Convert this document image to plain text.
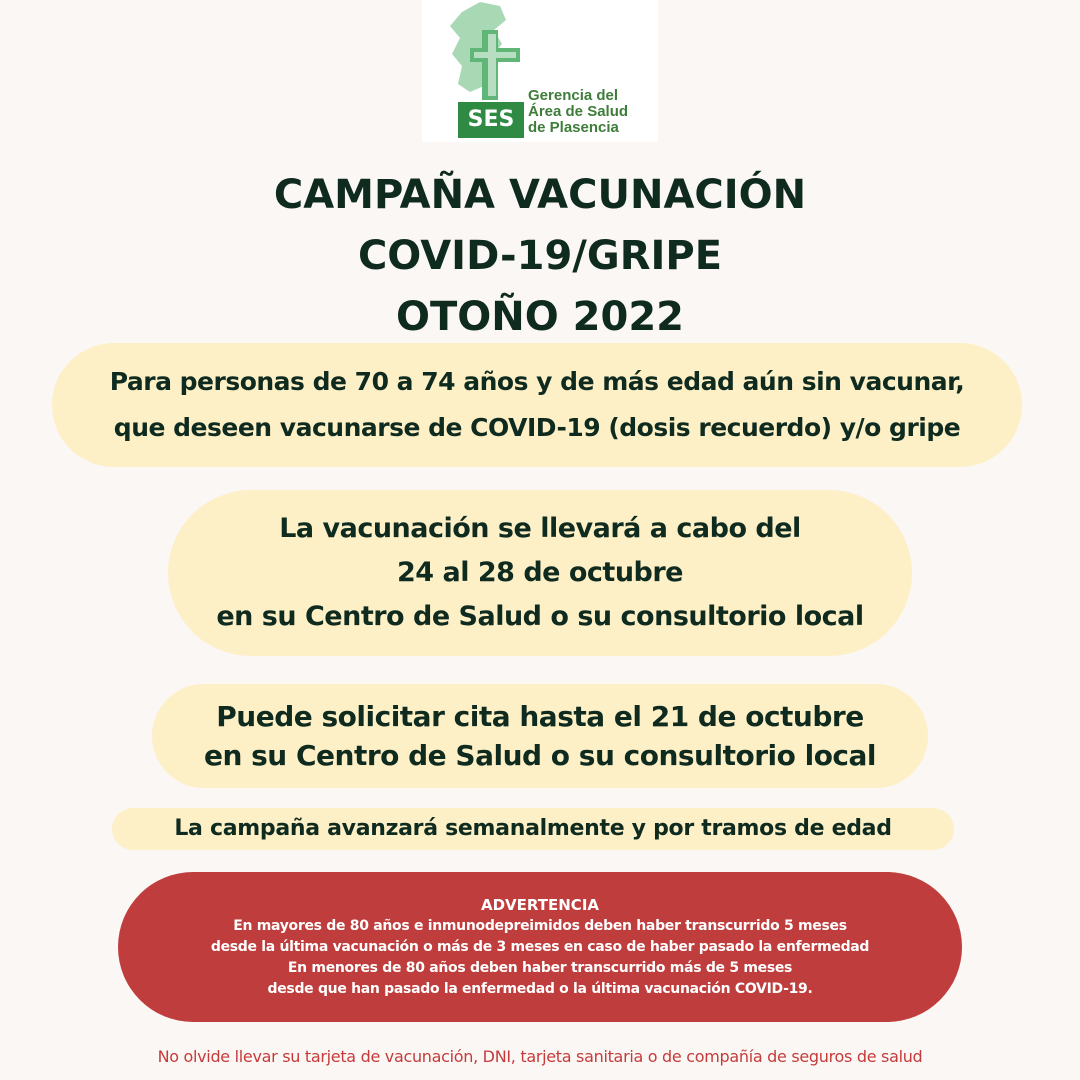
SES
Gerencia del
Área de Salud
de Plasencia
CAMPAÑA VACUNACIÓN
COVID-19/GRIPE
OTOÑO 2022
Para personas de 70 a 74 años y de más edad aún sin vacunar,
que deseen vacunarse de COVID-19 (dosis recuerdo) y/o gripe
La vacunación se llevará a cabo del
24 al 28 de octubre
en su Centro de Salud o su consultorio local
Puede solicitar cita hasta el 21 de octubre
en su Centro de Salud o su consultorio local
La campaña avanzará semanalmente y por tramos de edad
ADVERTENCIA
En mayores de 80 años e inmunodepreimidos deben haber transcurrido 5 meses
desde la última vacunación o más de 3 meses en caso de haber pasado la enfermedad
En menores de 80 años deben haber transcurrido más de 5 meses
desde que han pasado la enfermedad o la última vacunación COVID-19.
No olvide llevar su tarjeta de vacunación, DNI, tarjeta sanitaria o de compañía de seguros de salud
